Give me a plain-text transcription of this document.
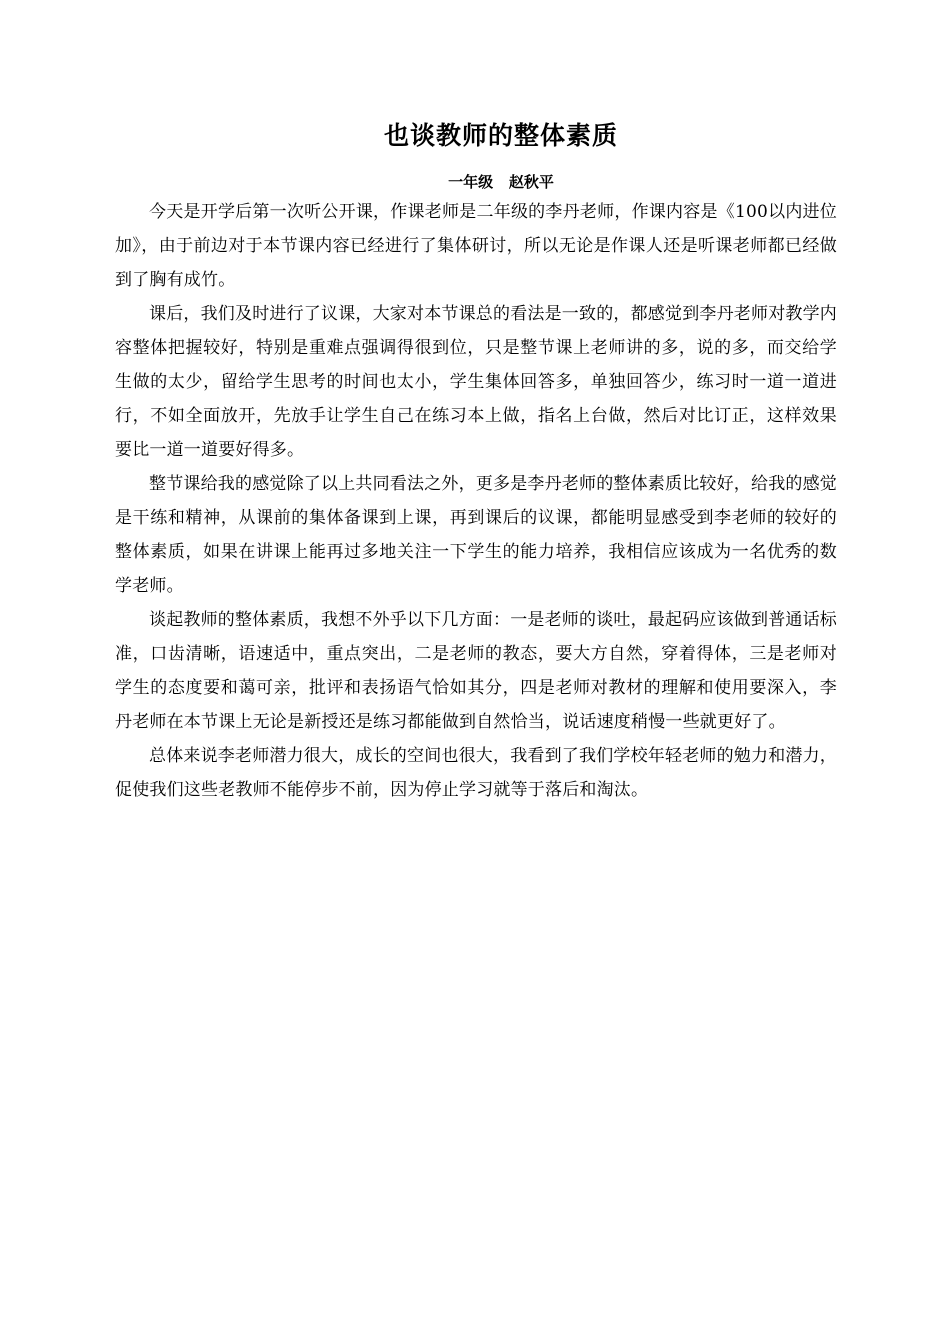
也谈教师的整体素质
一年级   赵秋平

今天是开学后第一次听公开课，作课老师是二年级的李丹老师，作课内容是《100以内进位加》，由于前边对于本节课内容已经进行了集体研讨，所以无论是作课人还是听课老师都已经做到了胸有成竹。

课后，我们及时进行了议课，大家对本节课总的看法是一致的，都感觉到李丹老师对教学内容整体把握较好，特别是重难点强调得很到位，只是整节课上老师讲的多，说的多，而交给学生做的太少，留给学生思考的时间也太小，学生集体回答多，单独回答少，练习时一道一道进行，不如全面放开，先放手让学生自己在练习本上做，指名上台做，然后对比订正，这样效果要比一道一道要好得多。

整节课给我的感觉除了以上共同看法之外，更多是李丹老师的整体素质比较好，给我的感觉是干练和精神，从课前的集体备课到上课，再到课后的议课，都能明显感受到李老师的较好的整体素质，如果在讲课上能再过多地关注一下学生的能力培养，我相信应该成为一名优秀的数学老师。

谈起教师的整体素质，我想不外乎以下几方面：一是老师的谈吐，最起码应该做到普通话标准，口齿清晰，语速适中，重点突出，二是老师的教态，要大方自然，穿着得体，三是老师对学生的态度要和蔼可亲，批评和表扬语气恰如其分，四是老师对教材的理解和使用要深入，李丹老师在本节课上无论是新授还是练习都能做到自然恰当，说话速度稍慢一些就更好了。

总体来说李老师潜力很大，成长的空间也很大，我看到了我们学校年轻老师的勉力和潜力，促使我们这些老教师不能停步不前，因为停止学习就等于落后和淘汰。
